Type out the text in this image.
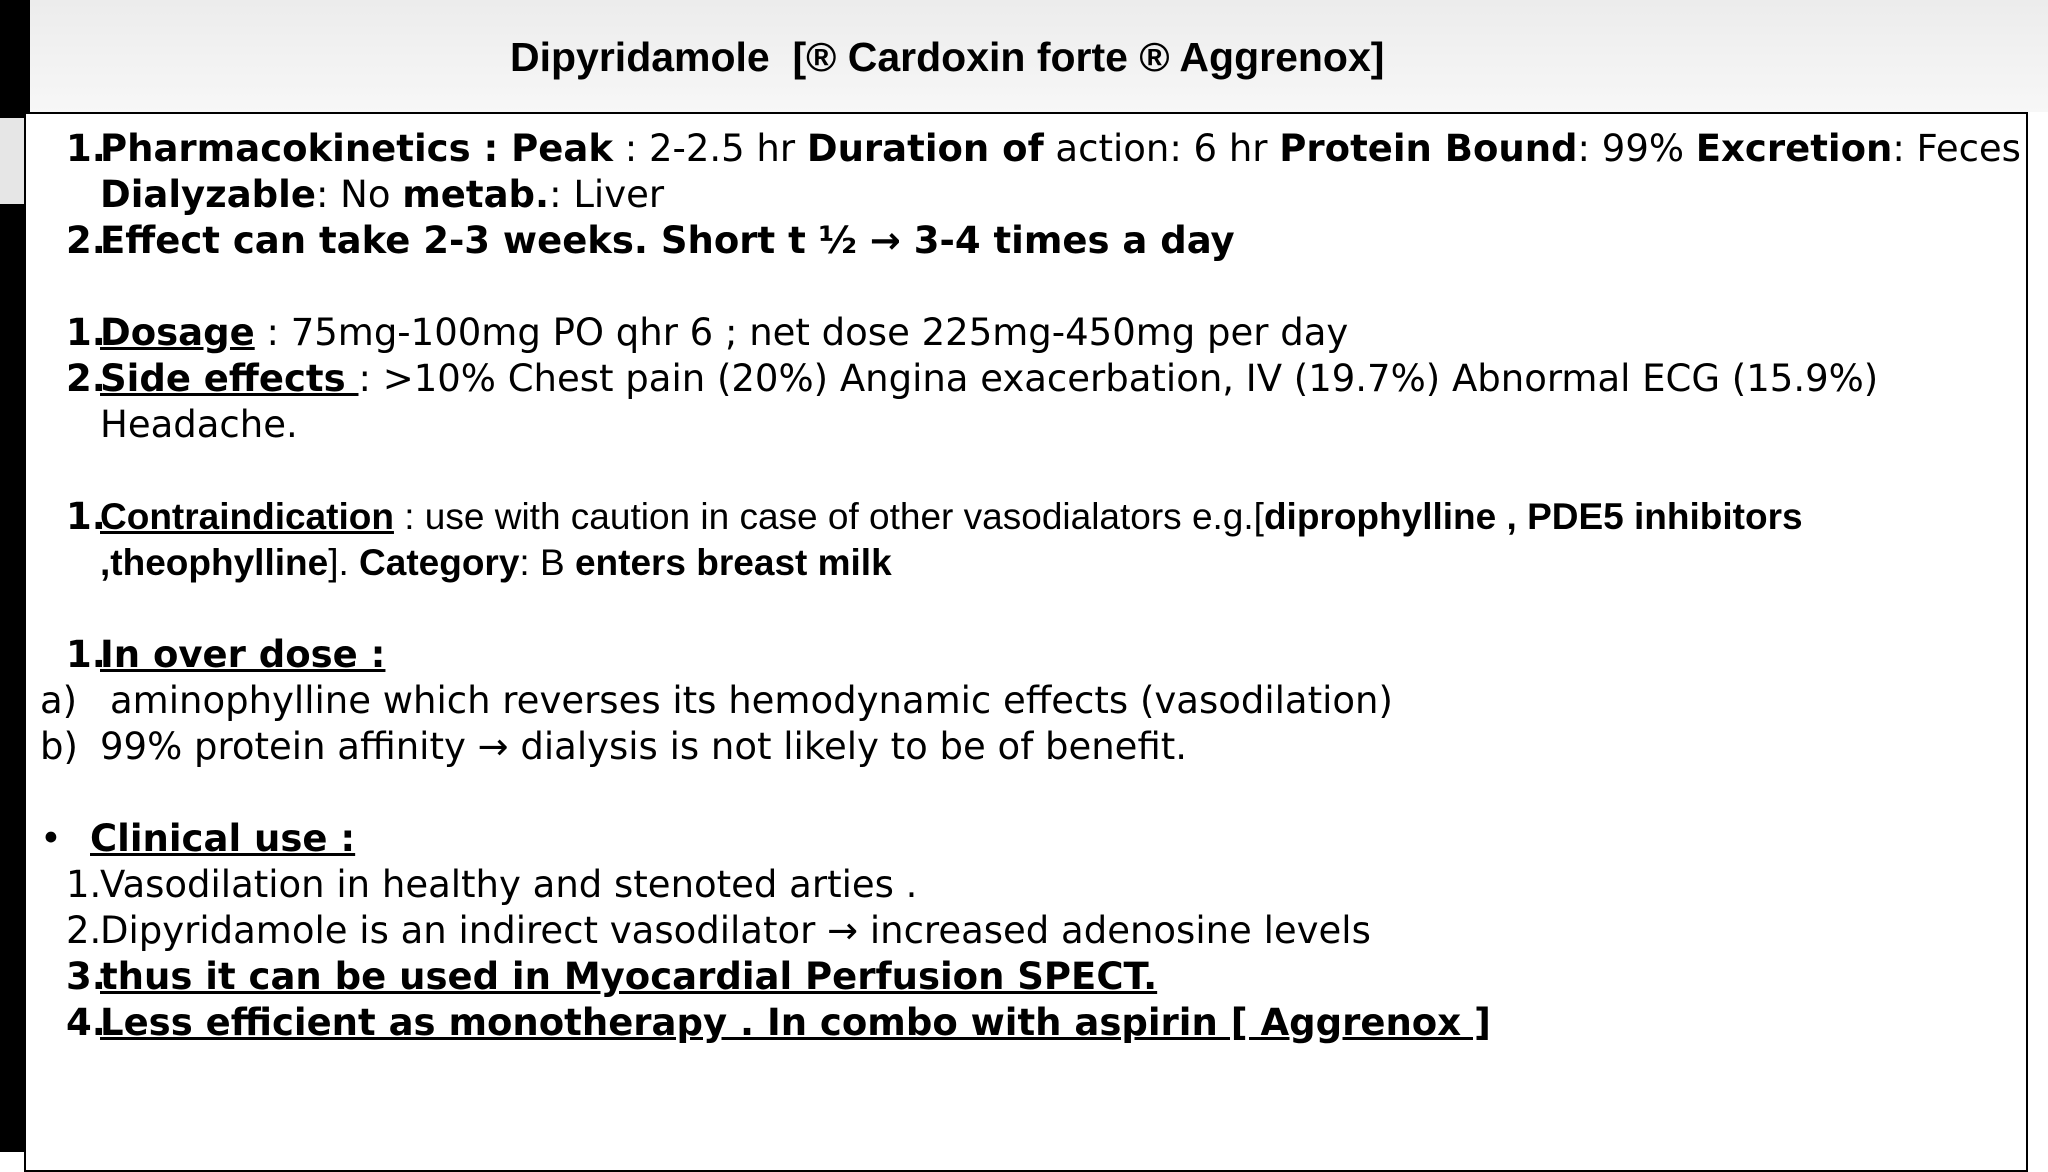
Dipyridamole  [® Cardoxin forte ® Aggrenox]
1.
Pharmacokinetics : Peak : 2-2.5 hr Duration of action: 6 hr Protein Bound: 99% Excretion: Feces
Dialyzable: No metab.: Liver
2.
Effect can take 2-3 weeks. Short t ½ → 3-4 times a day
1.
Dosage : 75mg-100mg PO qhr 6 ; net dose 225mg-450mg per day
2.
Side effects : >10% Chest pain (20%) Angina exacerbation, IV (19.7%) Abnormal ECG (15.9%)
Headache.
1.
Contraindication : use with caution in case of other vasodialators e.g.[diprophylline , PDE5 inhibitors
,theophylline]. Category: B enters breast milk
1.
In over dose :
a) aminophylline which reverses its hemodynamic effects (vasodilation)
b) 99% protein affinity → dialysis is not likely to be of benefit.
• Clinical use :
1.
Vasodilation in healthy and stenoted arties .
2.
Dipyridamole is an indirect vasodilator → increased adenosine levels
3.
thus it can be used in Myocardial Perfusion SPECT.
4.
Less efficient as monotherapy . In combo with aspirin [ Aggrenox ]
